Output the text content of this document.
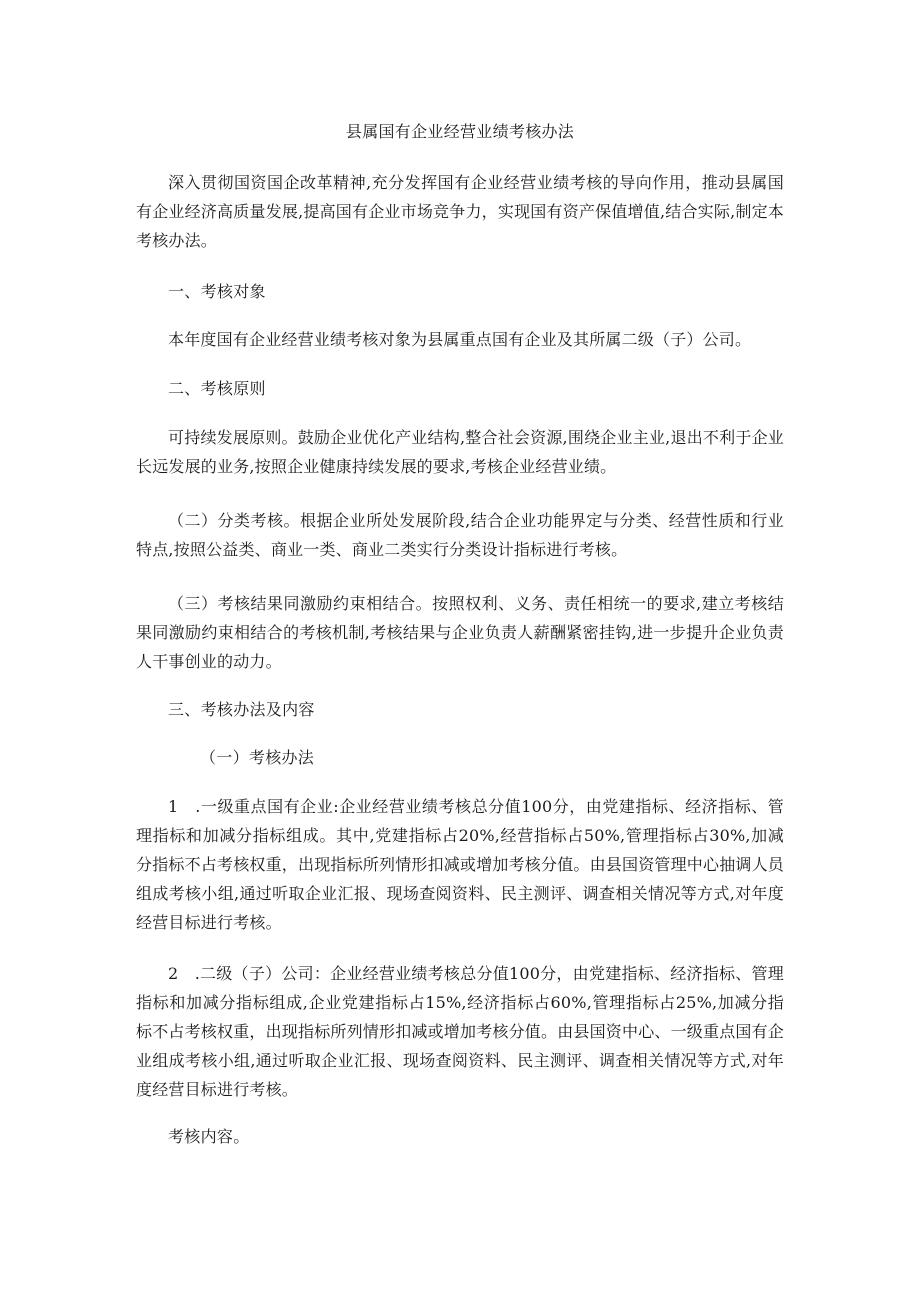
县属国有企业经营业绩考核办法
深入贯彻国资国企改革精神,充分发挥国有企业经营业绩考核的导向作用，推动县属国有企业经济高质量发展,提高国有企业市场竞争力，实现国有资产保值增值,结合实际,制定本考核办法。
一、考核对象
本年度国有企业经营业绩考核对象为县属重点国有企业及其所属二级（子）公司。
二、考核原则
可持续发展原则。鼓励企业优化产业结构,整合社会资源,围绕企业主业,退出不利于企业长远发展的业务,按照企业健康持续发展的要求,考核企业经营业绩。
（二）分类考核。根据企业所处发展阶段,结合企业功能界定与分类、经营性质和行业特点,按照公益类、商业一类、商业二类实行分类设计指标进行考核。
（三）考核结果同激励约束相结合。按照权利、义务、责任相统一的要求,建立考核结果同激励约束相结合的考核机制,考核结果与企业负责人薪酬紧密挂钩,进一步提升企业负责人干事创业的动力。
三、考核办法及内容
（一）考核办法
1　.一级重点国有企业:企业经营业绩考核总分值100分，由党建指标、经济指标、管理指标和加减分指标组成。其中,党建指标占20%,经营指标占50%,管理指标占30%,加减分指标不占考核权重，出现指标所列情形扣减或增加考核分值。由县国资管理中心抽调人员组成考核小组,通过听取企业汇报、现场查阅资料、民主测评、调查相关情况等方式,对年度经营目标进行考核。
2　.二级（子）公司：企业经营业绩考核总分值100分，由党建指标、经济指标、管理指标和加减分指标组成,企业党建指标占15%,经济指标占60%,管理指标占25%,加减分指标不占考核权重，出现指标所列情形扣减或增加考核分值。由县国资中心、一级重点国有企业组成考核小组,通过听取企业汇报、现场查阅资料、民主测评、调查相关情况等方式,对年度经营目标进行考核。
考核内容。
